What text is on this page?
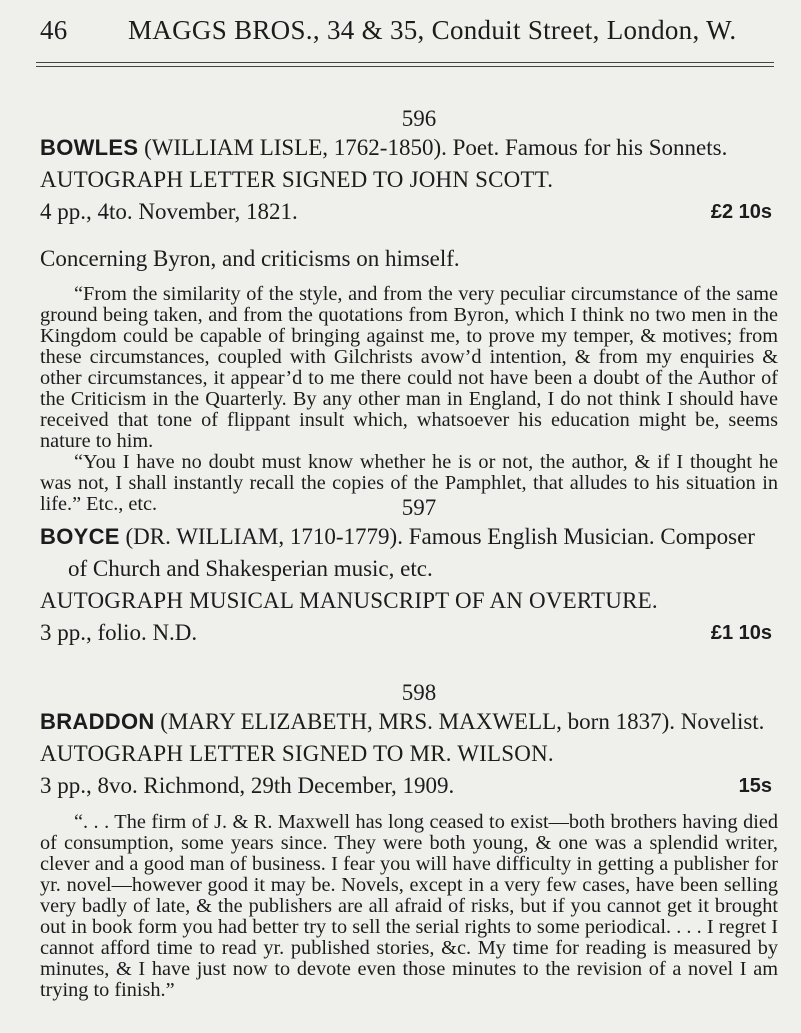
46 MAGGS BROS., 34 & 35, Conduit Street, London, W.
596
BOWLES (WILLIAM LISLE, 1762-1850). Poet. Famous for his Sonnets.
AUTOGRAPH LETTER SIGNED TO JOHN SCOTT.
4 pp., 4to. November, 1821.	£2 10s
Concerning Byron, and criticisms on himself.

“From the similarity of the style, and from the very peculiar circumstance of the same ground being taken, and from the quotations from Byron, which I think no two men in the Kingdom could be capable of bringing against me, to prove my temper, & motives; from these circumstances, coupled with Gilchrists avow’d intention, & from my enquiries & other circumstances, it appear’d to me there could not have been a doubt of the Author of the Criticism in the Quarterly. By any other man in England, I do not think I should have received that tone of flippant insult which, whatsoever his education might be, seems nature to him.

“You I have no doubt must know whether he is or not, the author, & if I thought he was not, I shall instantly recall the copies of the Pamphlet, that alludes to his situation in life.” Etc., etc.	597
BOYCE (DR. WILLIAM, 1710-1779). Famous English Musician. Composer
of Church and Shakesperian music, etc.
AUTOGRAPH MUSICAL MANUSCRIPT OF AN OVERTURE.
3 pp., folio. N.D.	£1 10s
598
BRADDON (MARY ELIZABETH, MRS. MAXWELL, born 1837). Novelist.
AUTOGRAPH LETTER SIGNED TO MR. WILSON.
3 pp., 8vo. Richmond, 29th December, 1909.	15s

“. . . The firm of J. & R. Maxwell has long ceased to exist—both brothers having died of consumption, some years since. They were both young, & one was a splendid writer, clever and a good man of business. I fear you will have difficulty in getting a publisher for yr. novel—however good it may be. Novels, except in a very few cases, have been selling very badly of late, & the publishers are all afraid of risks, but if you cannot get it brought out in book form you had better try to sell the serial rights to some periodical. . . . I regret I cannot afford time to read yr. published stories, &c. My time for reading is measured by minutes, & I have just now to devote even those minutes to the revision of a novel I am trying to finish.”
